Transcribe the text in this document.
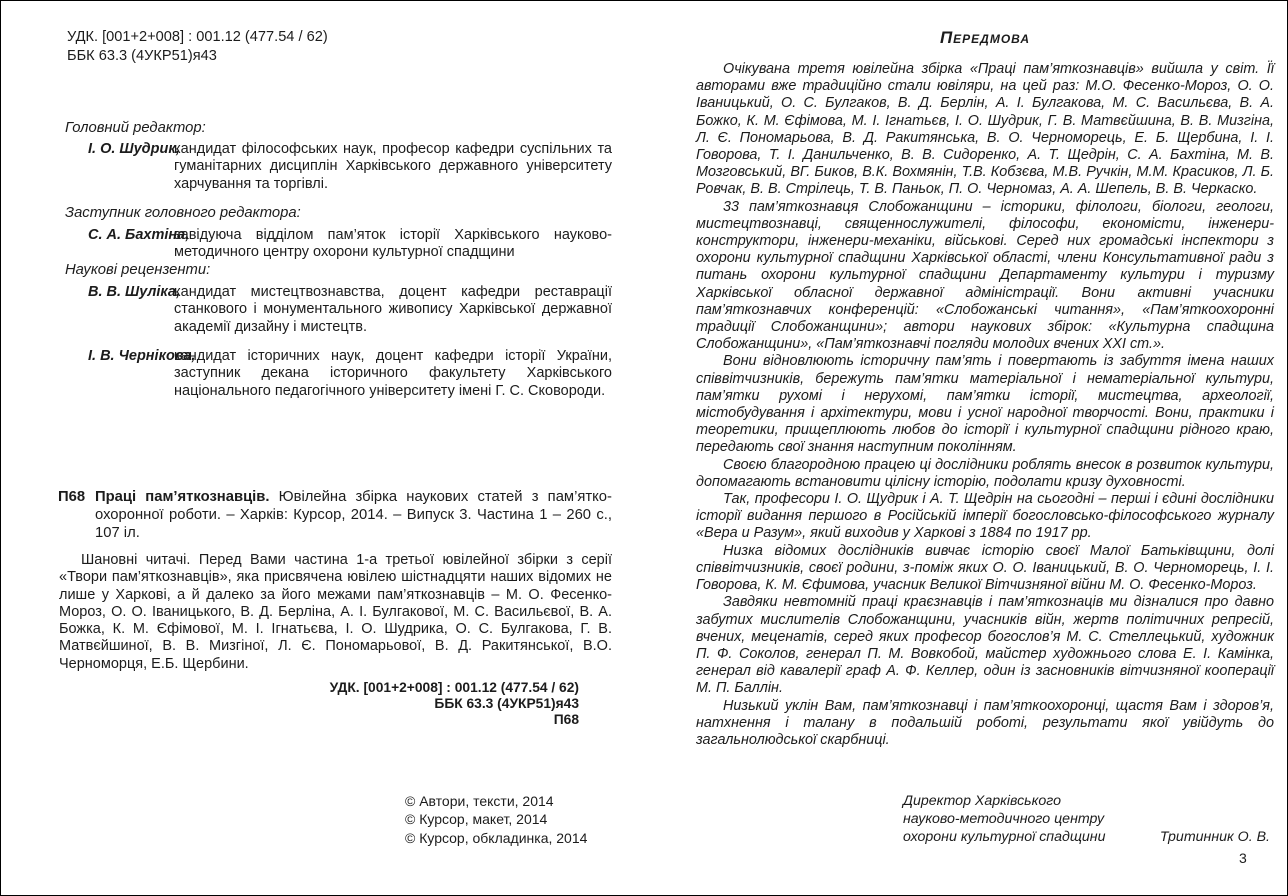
УДК. [001+2+008] : 001.12 (477.54 / 62)
ББК 63.3 (4УКР51)я43
Головний редактор:
І. О. Шудрик,
кандидат філософських наук, професор кафедри суспільних та гуманітарних дисциплін Харківського державного університету харчування та торгівлі.
Заступник головного редактора:
С. А. Бахтіна,
завідуюча відділом пам’яток історії Харківського науково-методичного центру охорони культурної спадщини
Наукові рецензенти:
В. В. Шуліка,
кандидат мистецтвознавства, доцент кафедри реставрації станкового і монументального живопису Харківської державної академії дизайну і мистецтв.
І. В. Чернікова,
кандидат історичних наук, доцент кафедри історії України, заступник декана історичного факультету Харківського національного педагогічного університету імені Г. С. Сковороди.
П68 Праці пам’яткознавців. Ювілейна збірка наукових статей з пам’ятко-охоронної роботи. – Харків: Курсор, 2014. – Випуск 3. Частина 1 – 260 с., 107 іл.
Шановні читачі. Перед Вами частина 1-а третьої ювілейної збірки з серії «Твори пам’яткознавців», яка присвячена ювілею шістнадцяти наших відомих не лише у Харкові, а й далеко за його межами пам’яткознавців – М. О. Фесенко-Мороз, О. О. Іваницького, В. Д. Берліна, А. І. Булгакової, М. С. Васильєвої, В. А. Божка, К. М. Єфімової, М. І. Ігнатьєва, І. О. Шудрика, О. С. Булгакова, Г. В. Матвєйшиної, В. В. Мизгіної, Л. Є. Пономарьової, В. Д. Ракитянської, В.О. Черноморця, Е.Б. Щербини.
УДК. [001+2+008] : 001.12 (477.54 / 62)
ББК 63.3 (4УКР51)я43
П68
© Автори, тексти, 2014
© Курсор, макет, 2014
© Курсор, обкладинка, 2014
Передмова

Очікувана третя ювілейна збірка «Праці пам’яткознавців» вийшла у світ. Її авторами вже традиційно стали ювіляри, на цей раз: М.О. Фесенко-Мороз, О. О. Іваницький, О. С. Булгаков, В. Д. Берлін, А. І. Булгакова, М. С. Васильєва, В. А. Божко, К. М. Єфімова, М. І. Ігнатьєв, І. О. Шудрик, Г. В. Матвєйшина, В. В. Мизгіна, Л. Є. Пономарьова, В. Д. Ракитянська, В. О. Черноморець, Е. Б. Щербина, І. І. Говорова, Т. І. Данильченко, В. В. Сидоренко, А. Т. Щедрін, С. А. Бахтіна, М. В. Мозговський, ВГ. Биков, В.К. Вохмянін, Т.В. Кобзєва, М.В. Ручкін, М.М. Красиков, Л. Б. Ровчак, В. В. Стрілець, Т. В. Паньок, П. О. Черномаз, А. А. Шепель, В. В. Черкаско.

33 пам’яткознавця Слобожанщини – історики, філологи, біологи, геологи, мистецтвознавці, священнослужителі, філософи, економісти, інженери-конструктори, інженери-механіки, військові. Серед них громадські інспектори з охорони культурної спадщини Харківської області, члени Консультативної ради з питань охорони культурної спадщини Департаменту культури і туризму Харківської обласної державної адміністрації. Вони активні учасники пам’яткознавчих конференцій: «Слобожанські читання», «Пам’яткоохоронні традиції Слобожанщини»; автори наукових збірок: «Культурна спадщина Слобожанщини», «Пам’яткознавчі погляди молодих вчених ХХІ ст.».

Вони відновлюють історичну пам’ять і повертають із забуття імена наших співвітчизників, бережуть пам’ятки матеріальної і нематеріальної культури, пам’ятки рухомі і нерухомі, пам’ятки історії, мистецтва, археології, містобудування і архітектури, мови і усної народної творчості. Вони, практики і теоретики, прищеплюють любов до історії і культурної спадщини рідного краю, передають свої знання наступним поколінням.

Своєю благородною працею ці дослідники роблять внесок в розвиток культури, допомагають встановити цілісну історію, подолати кризу духовності.

Так, професори І. О. Щудрик і А. Т. Щедрін на сьогодні – перші і єдині дослідники історії видання першого в Російській імперії богословсько-філософського журналу «Вера и Разум», який виходив у Харкові з 1884 по 1917 рр.

Низка відомих дослідників вивчає історію своєї Малої Батьківщини, долі співвітчизників, своєї родини, з-поміж яких О. О. Іваницький, В. О. Черноморець, І. І. Говорова, К. М. Єфимова, учасник Великої Вітчизняної війни М. О. Фесенко-Мороз.

Завдяки невтомній праці краєзнавців і пам’яткознаців ми дізналися про давно забутих мислителів Слобожанщини, учасників війн, жертв політичних репресій, вчених, меценатів, серед яких професор богослов’я М. С. Стеллецький, художник П. Ф. Соколов, генерал П. М. Вовкобой, майстер художнього слова Е. І. Камінка, генерал від кавалерії граф А. Ф. Келлер, один із засновників вітчизняної кооперації М. П. Баллін.

Низький уклін Вам, пам’яткознавці і пам’яткоохоронці, щастя Вам і здоров’я, натхнення і талану в подальшій роботі, результати якої увійдуть до загальнолюдської скарбниці.

Директор Харківського
науково-методичного центру
охорони культурної спадщини	Тритинник О. В.
3
